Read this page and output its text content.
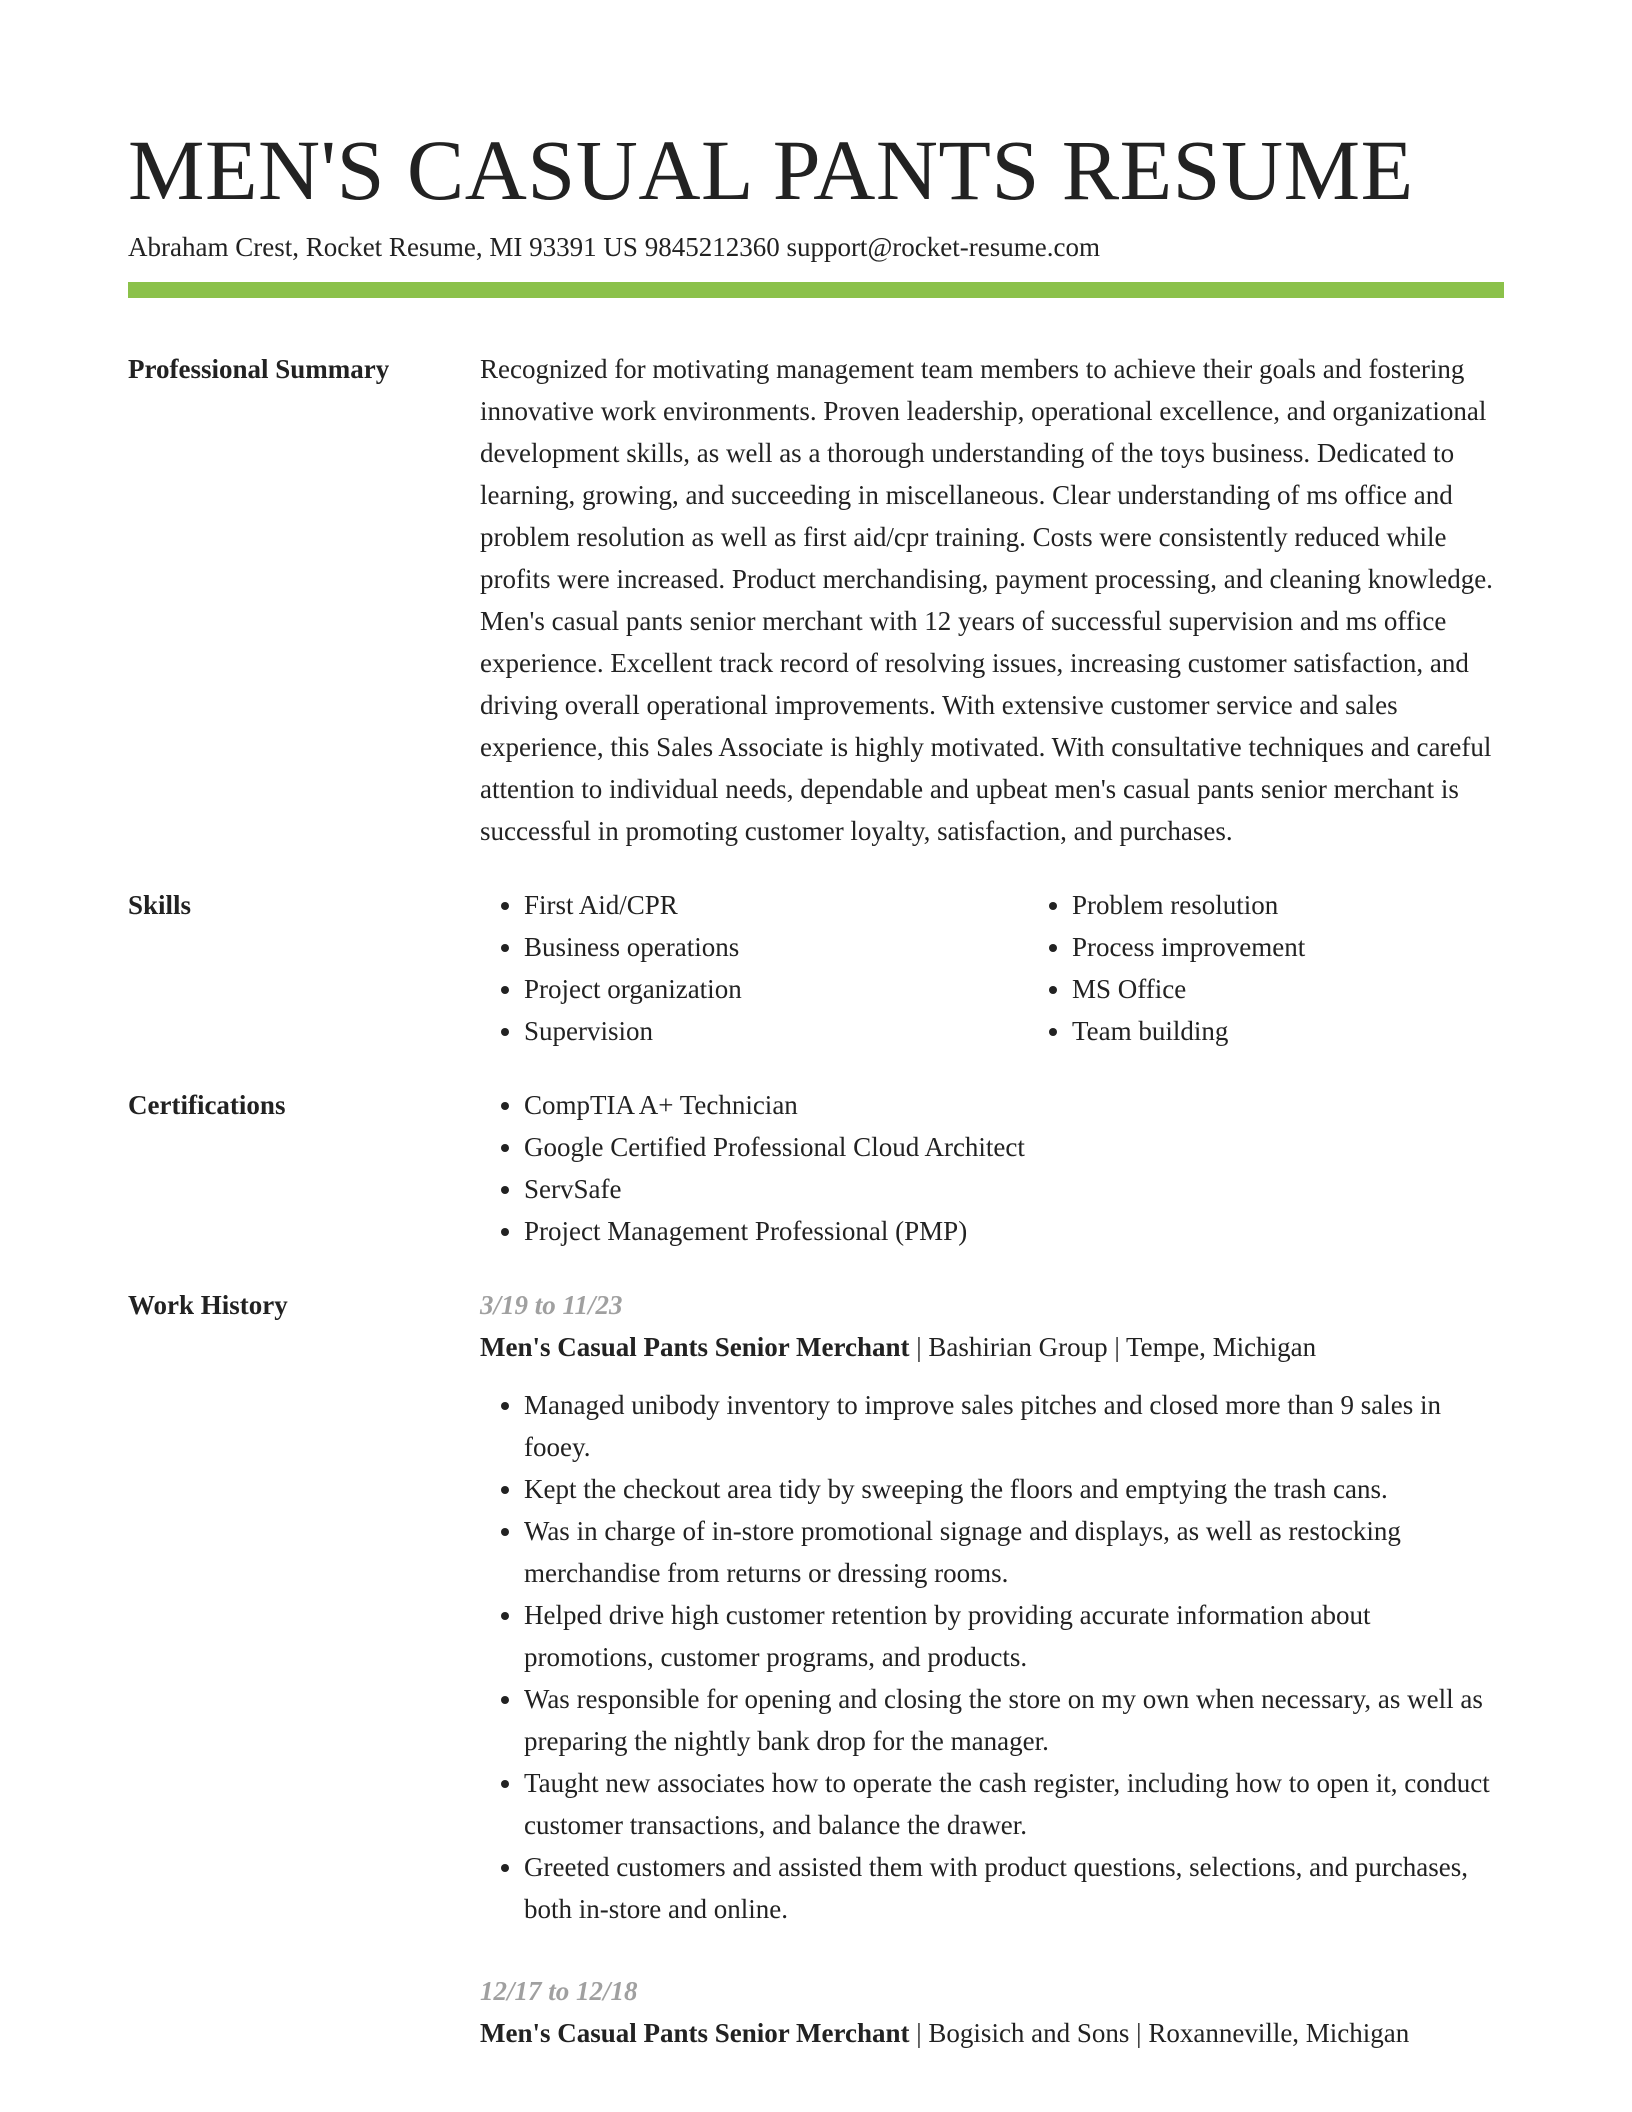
MEN'S CASUAL PANTS RESUME
Abraham Crest, Rocket Resume, MI 93391 US 9845212360 support@rocket-resume.com
Professional Summary	Recognized for motivating management team members to achieve their goals and fostering innovative work environments. Proven leadership, operational excellence, and organizational development skills, as well as a thorough understanding of the toys business. Dedicated to learning, growing, and succeeding in miscellaneous. Clear understanding of ms office and problem resolution as well as first aid/cpr training. Costs were consistently reduced while profits were increased. Product merchandising, payment processing, and cleaning knowledge. Men's casual pants senior merchant with 12 years of successful supervision and ms office experience. Excellent track record of resolving issues, increasing customer satisfaction, and driving overall operational improvements. With extensive customer service and sales experience, this Sales Associate is highly motivated. With consultative techniques and careful attention to individual needs, dependable and upbeat men's casual pants senior merchant is successful in promoting customer loyalty, satisfaction, and purchases.
Skills	• First Aid/CPR
• Business operations
• Project organization
• Supervision
• Problem resolution
• Process improvement
• MS Office
• Team building
Certifications	• CompTIA A+ Technician
• Google Certified Professional Cloud Architect
• ServSafe
• Project Management Professional (PMP)
Work History	3/19 to 11/23
Men's Casual Pants Senior Merchant | Bashirian Group | Tempe, Michigan
• Managed unibody inventory to improve sales pitches and closed more than 9 sales in fooey.
• Kept the checkout area tidy by sweeping the floors and emptying the trash cans.
• Was in charge of in-store promotional signage and displays, as well as restocking merchandise from returns or dressing rooms.
• Helped drive high customer retention by providing accurate information about promotions, customer programs, and products.
• Was responsible for opening and closing the store on my own when necessary, as well as preparing the nightly bank drop for the manager.
• Taught new associates how to operate the cash register, including how to open it, conduct customer transactions, and balance the drawer.
• Greeted customers and assisted them with product questions, selections, and purchases, both in-store and online.
12/17 to 12/18
Men's Casual Pants Senior Merchant | Bogisich and Sons | Roxanneville, Michigan
